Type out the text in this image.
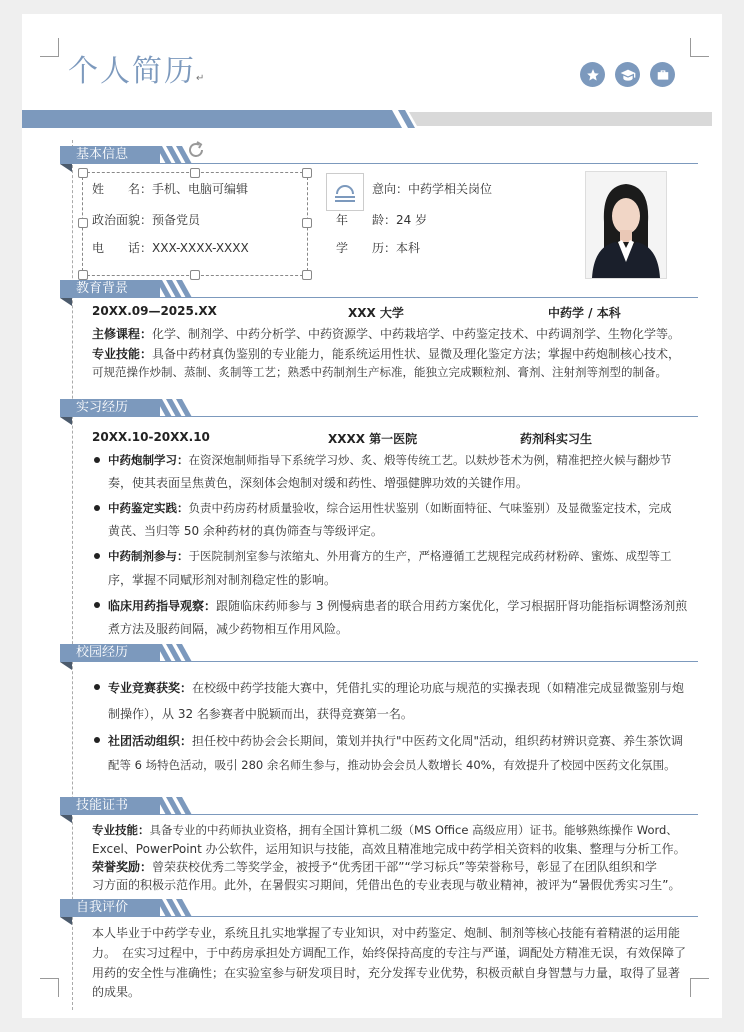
个人简历↵
基本信息
姓　　名：手机、电脑可编辑
政治面貌：预备党员
电　　话：XXX-XXXX-XXXX
意向：中药学相关岗位
年　　龄：24 岁
学　　历：本科
教育背景
20XX.09—2025.XX	XXX 大学	中药学 / 本科
主修课程：化学、制剂学、中药分析学、中药资源学、中药栽培学、中药鉴定技术、中药调剂学、生物化学等。
专业技能：具备中药材真伪鉴别的专业能力，能系统运用性状、显微及理化鉴定方法；掌握中药炮制核心技术，
可规范操作炒制、蒸制、炙制等工艺；熟悉中药制剂生产标准，能独立完成颗粒剂、膏剂、注射剂等剂型的制备。
实习经历
20XX.10-20XX.10	XXXX 第一医院	药剂科实习生
中药炮制学习：在资深炮制师指导下系统学习炒、炙、煅等传统工艺。以麸炒苍术为例，精准把控火候与翻炒节
奏，使其表面呈焦黄色，深刻体会炮制对缓和药性、增强健脾功效的关键作用。
中药鉴定实践：负责中药房药材质量验收，综合运用性状鉴别（如断面特征、气味鉴别）及显微鉴定技术，完成
黄芪、当归等 50 余种药材的真伪筛查与等级评定。
中药制剂参与：于医院制剂室参与浓缩丸、外用膏方的生产，严格遵循工艺规程完成药材粉碎、蜜炼、成型等工
序，掌握不同赋形剂对制剂稳定性的影响。
临床用药指导观察：跟随临床药师参与 3 例慢病患者的联合用药方案优化，学习根据肝肾功能指标调整汤剂煎
煮方法及服药间隔，减少药物相互作用风险。
校园经历
专业竞赛获奖：在校级中药学技能大赛中，凭借扎实的理论功底与规范的实操表现（如精准完成显微鉴别与炮
制操作），从 32 名参赛者中脱颖而出，获得竞赛第一名。
社团活动组织：担任校中药协会会长期间，策划并执行"中医药文化周"活动，组织药材辨识竞赛、养生茶饮调
配等 6 场特色活动，吸引 280 余名师生参与，推动协会会员人数增长 40%，有效提升了校园中医药文化氛围。
技能证书
专业技能：具备专业的中药师执业资格，拥有全国计算机二级（MS Office 高级应用）证书。能够熟练操作 Word、
Excel、PowerPoint 办公软件，运用知识与技能，高效且精准地完成中药学相关资料的收集、整理与分析工作。
荣誉奖励：曾荣获校优秀二等奖学金，被授予“优秀团干部”“学习标兵”等荣誉称号，彰显了在团队组织和学
习方面的积极示范作用。此外，在暑假实习期间，凭借出色的专业表现与敬业精神，被评为“暑假优秀实习生”。
自我评价
本人毕业于中药学专业，系统且扎实地掌握了专业知识，对中药鉴定、炮制、制剂等核心技能有着精湛的运用能
力。　在实习过程中，于中药房承担处方调配工作，始终保持高度的专注与严谨，调配处方精准无误，有效保障了
用药的安全性与准确性；在实验室参与研发项目时，充分发挥专业优势，积极贡献自身智慧与力量，取得了显著
的成果。
